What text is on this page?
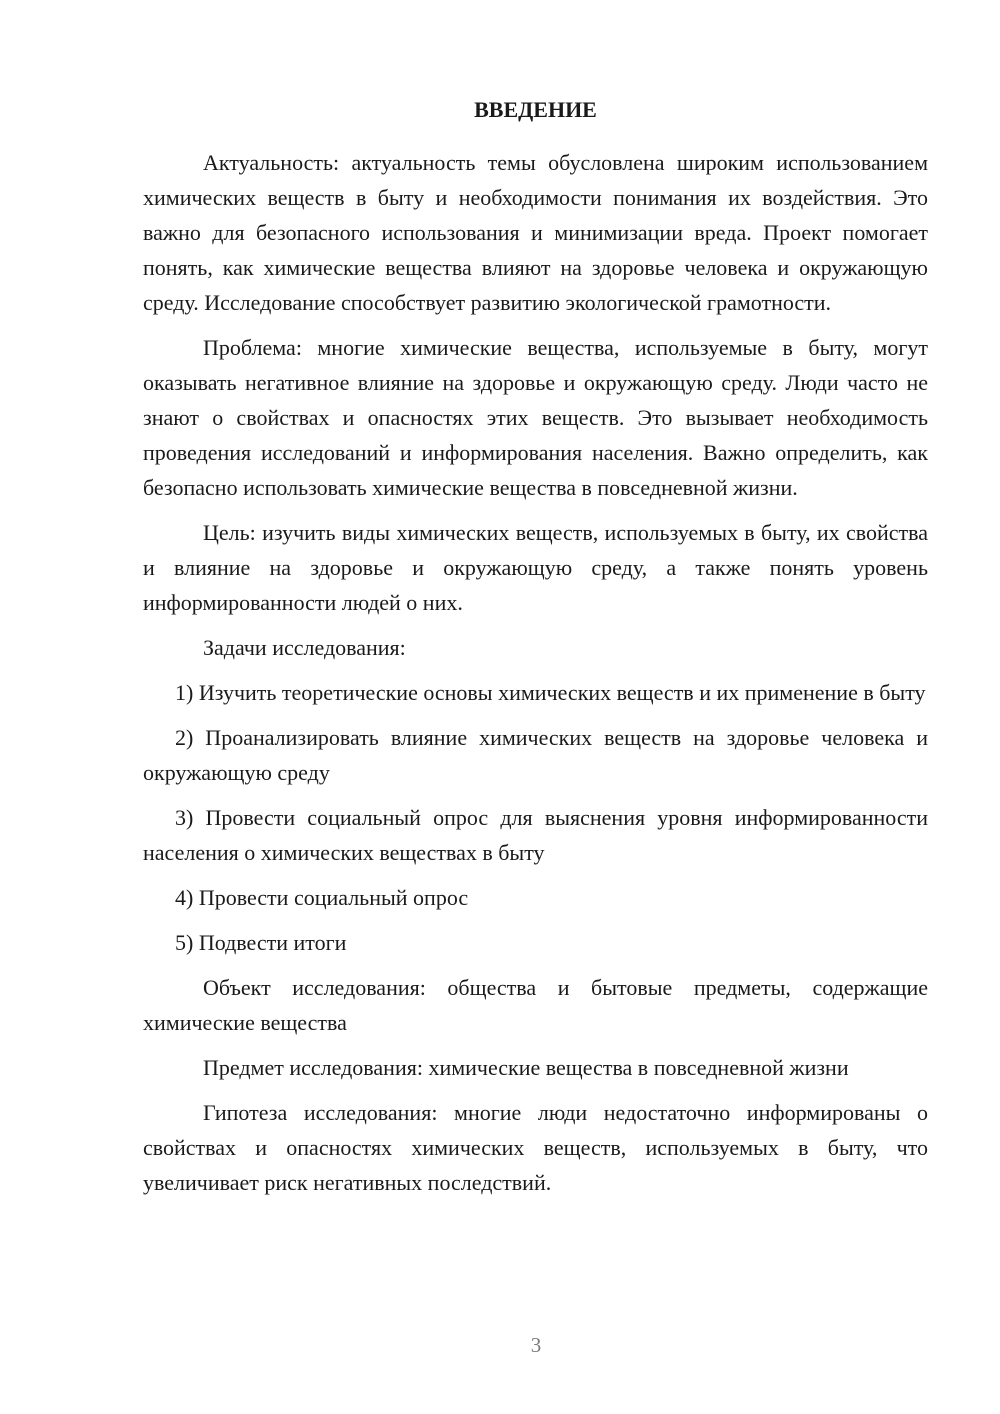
ВВЕДЕНИЕ

Актуальность: актуальность темы обусловлена широким использованием химических веществ в быту и необходимости понимания их воздействия. Это важно для безопасного использования и минимизации вреда. Проект помогает понять, как химические вещества влияют на здоровье человека и окружающую среду. Исследование способствует развитию экологической грамотности.

Проблема: многие химические вещества, используемые в быту, могут оказывать негативное влияние на здоровье и окружающую среду. Люди часто не знают о свойствах и опасностях этих веществ. Это вызывает необходимость проведения исследований и информирования населения. Важно определить, как безопасно использовать химические вещества в повседневной жизни.

Цель: изучить виды химических веществ, используемых в быту, их свойства и влияние на здоровье и окружающую среду, а также понять уровень информированности людей о них.

Задачи исследования:

1) Изучить теоретические основы химических веществ и их применение в быту

2) Проанализировать влияние химических веществ на здоровье человека и окружающую среду

3) Провести социальный опрос для выяснения уровня информированности населения о химических веществах в быту

4) Провести социальный опрос

5) Подвести итоги

Объект исследования: общества и бытовые предметы, содержащие химические вещества

Предмет исследования: химические вещества в повседневной жизни

Гипотеза исследования: многие люди недостаточно информированы о свойствах и опасностях химических веществ, используемых в быту, что увеличивает риск негативных последствий.

3
